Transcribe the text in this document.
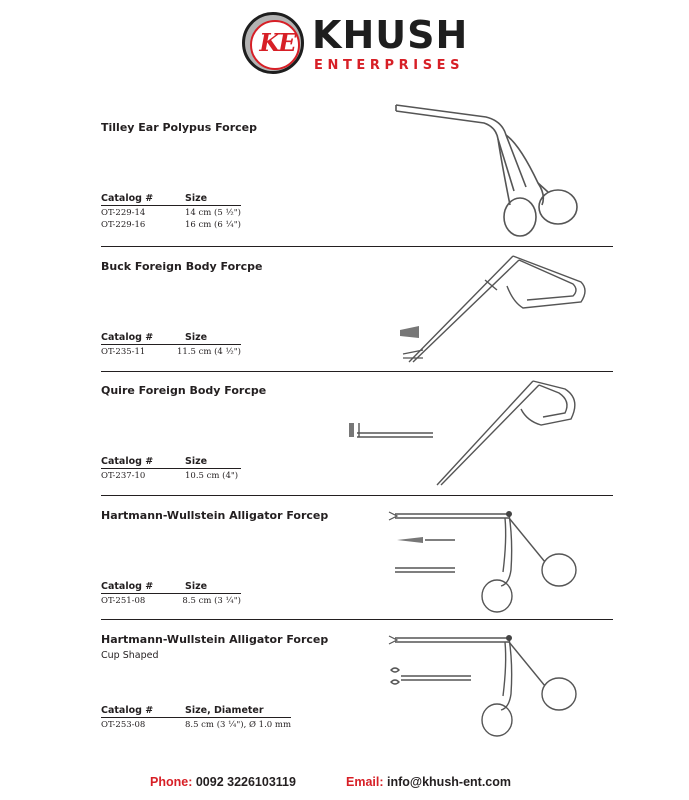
KE KHUSH
ENTERPRISES
Tilley Ear Polypus Forcep
Catalog #	Size
OT-229-14	14 cm (5 ½")
OT-229-16	16 cm (6 ¼")
Buck Foreign Body Forcpe
Catalog #	Size
OT-235-11	11.5 cm (4 ½")
Quire Foreign Body Forcpe
Catalog #	Size
OT-237-10	10.5 cm (4")
Hartmann-Wullstein Alligator Forcep
Catalog #	Size
OT-251-08	8.5 cm (3 ¼")
Hartmann-Wullstein Alligator Forcep
Cup Shaped
Catalog #	Size, Diameter
OT-253-08	8.5 cm (3 ¼"), Ø 1.0 mm
Phone: 0092 3226103119	Email: info@khush-ent.com
